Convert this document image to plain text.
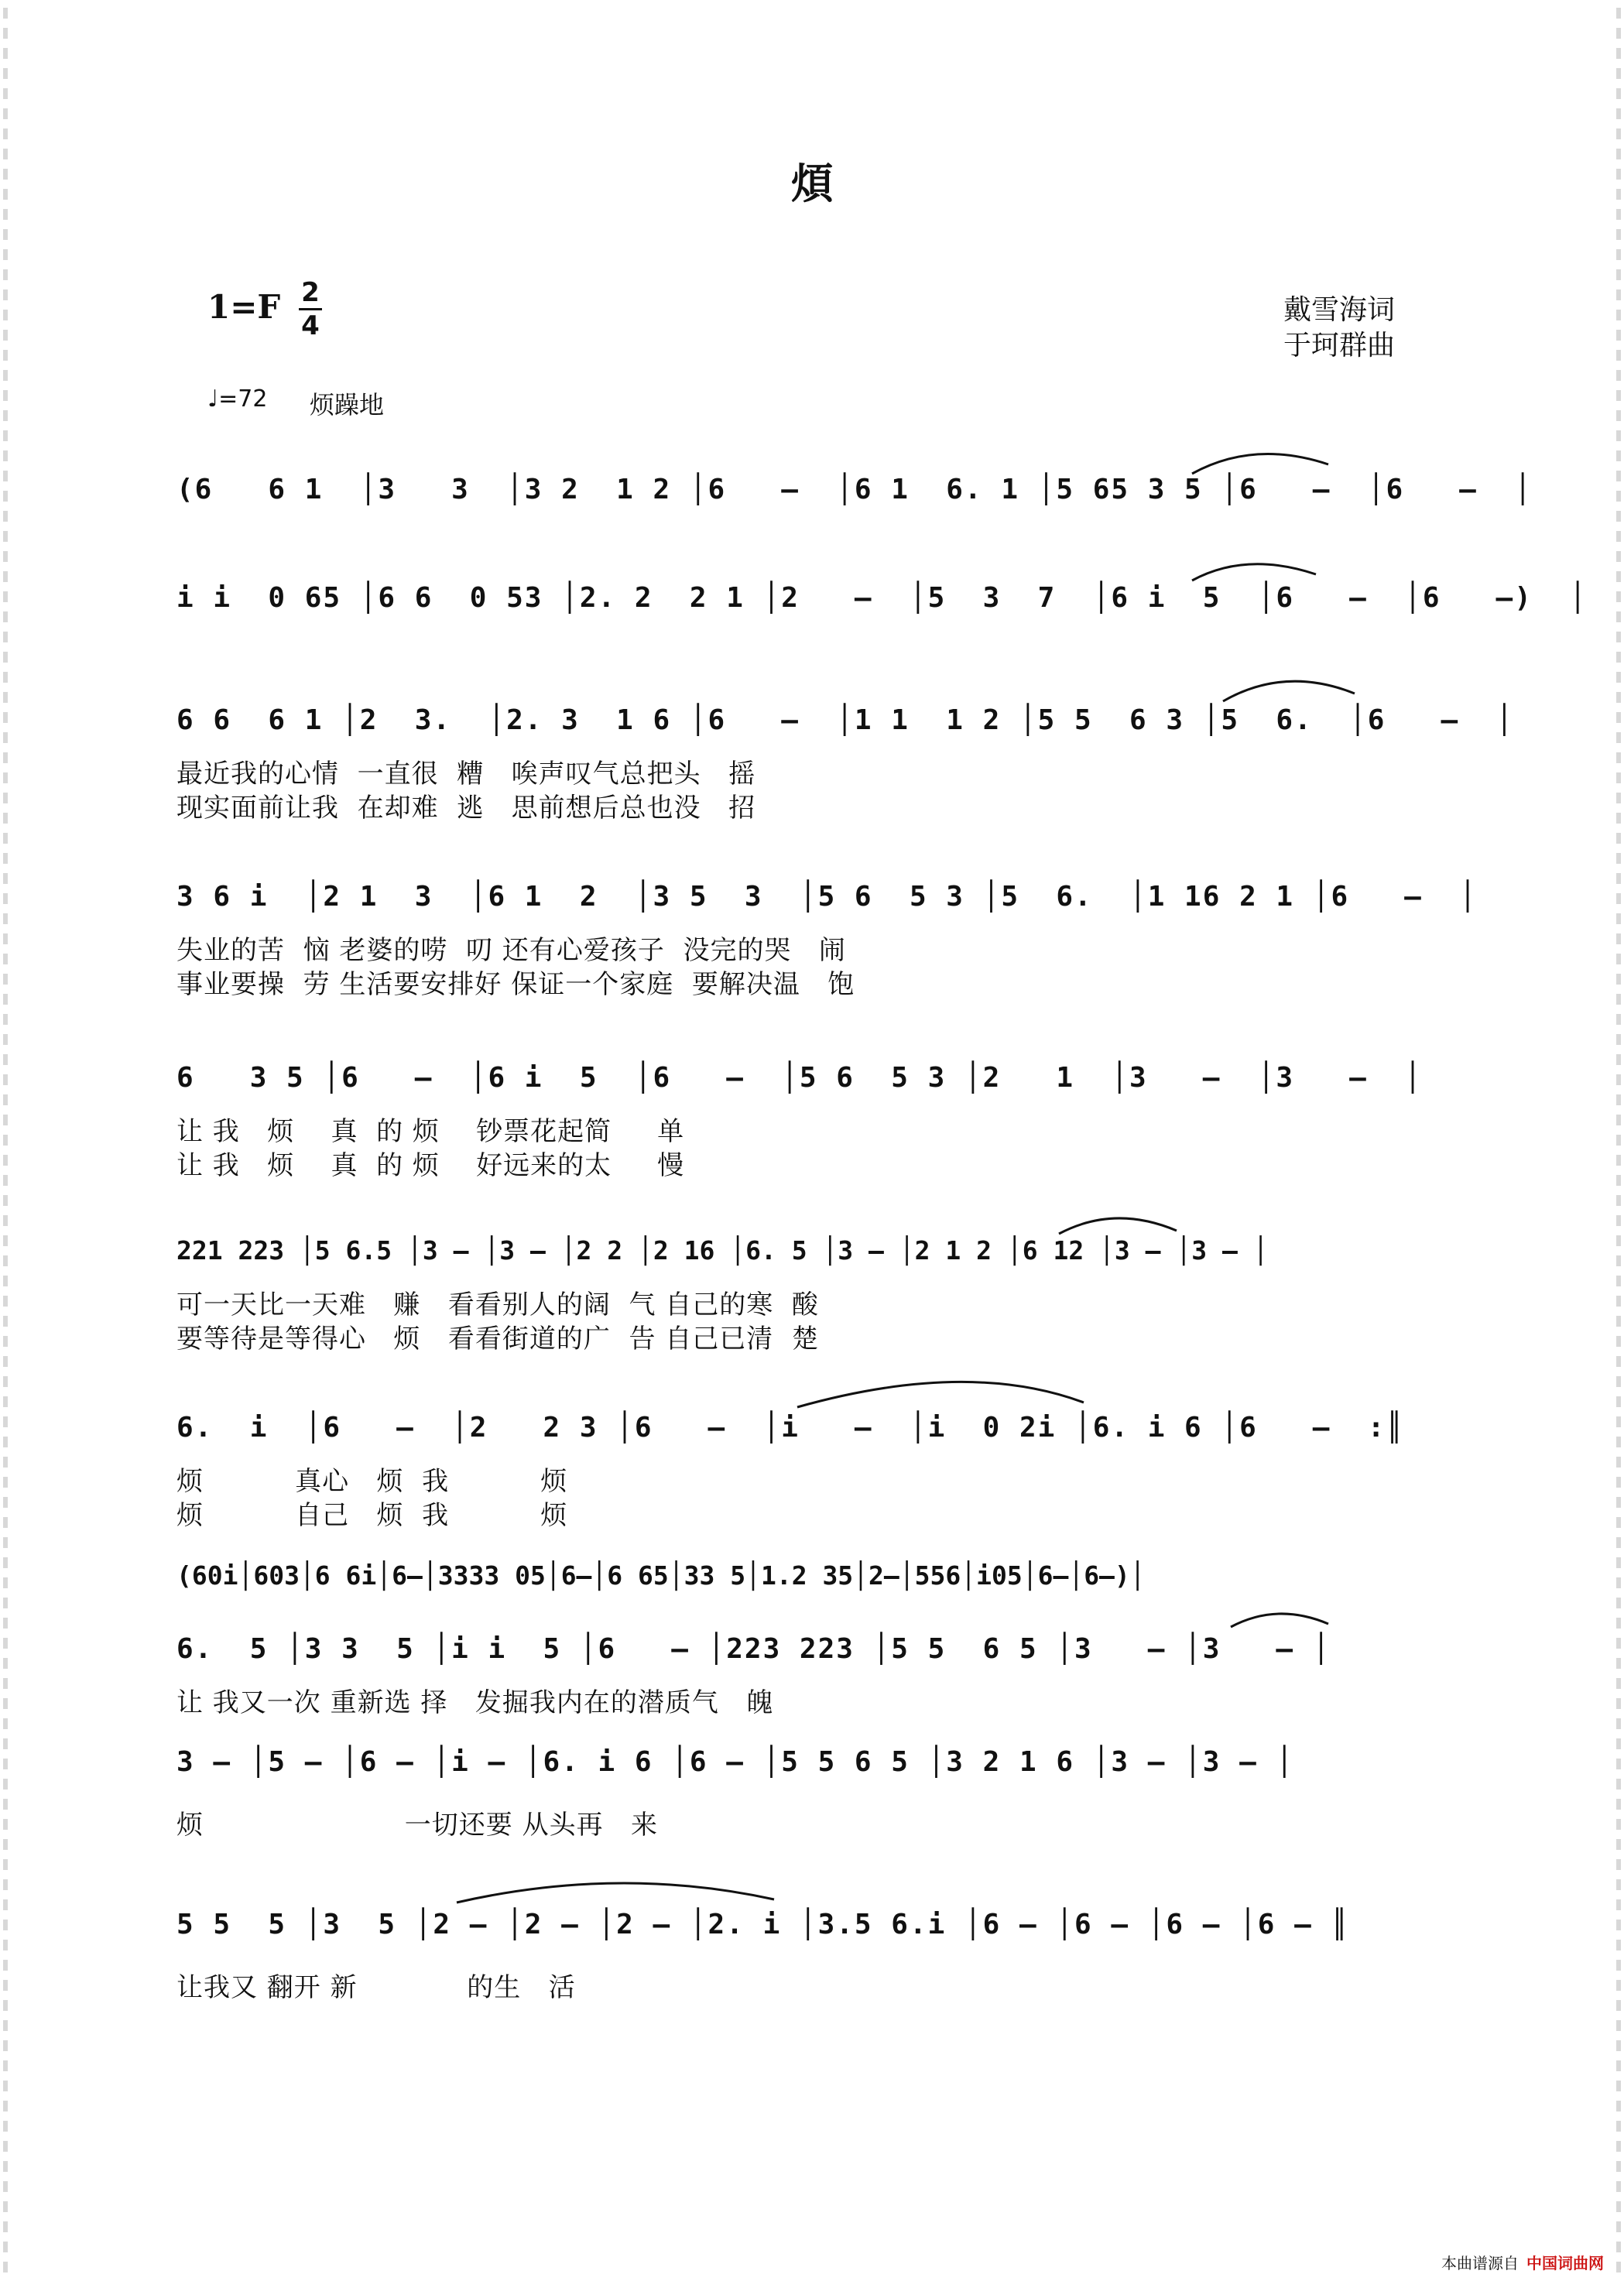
煩
1=F 2
4	戴雪海词
于珂群曲
♩=72 烦躁地
(6   6 1  │3   3  │3 2  1 2 │6   –  │6 1  6. 1 │5 65 3 5 │6   –  │6   –  │
i i  0 65 │6 6  0 53 │2. 2  2 1 │2   –  │5  3  7  │6 i  5  │6   –  │6   –)  │
6 6  6 1 │2  3.  │2. 3  1 6 │6   –  │1 1  1 2 │5 5  6 3 │5  6.  │6   –  │
最近我的心情  一直很  糟   唉声叹气总把头   摇
现实面前让我  在却难  逃   思前想后总也没   招
3 6 i  │2 1  3  │6 1  2  │3 5  3  │5 6  5 3 │5  6.  │1 16 2 1 │6   –  │
失业的苦  恼 老婆的唠  叨 还有心爱孩子  没完的哭   闹
事业要操  劳 生活要安排好 保证一个家庭  要解决温   饱
6   3 5 │6   –  │6 i  5  │6   –  │5 6  5 3 │2   1  │3   –  │3   –  │
让 我   烦    真  的 烦    钞票花起简     单
让 我   烦    真  的 烦    好远来的太     慢
221 223 │5 6.5 │3 – │3 – │2 2 │2 16 │6. 5 │3 – │2 1 2 │6 12 │3 – │3 – │
可一天比一天难   赚   看看别人的阔  气 自己的寒  酸
要等待是等得心   烦   看看街道的广  告 自己已清  楚
6.  i  │6   –  │2   2 3 │6   –  │i   –  │i  0 2i │6. i 6 │6   –  :║
烦          真心   烦  我          烦
烦          自己   烦  我          烦
(60i│603│6 6i│6–│3333 05│6–│6 65│33 5│1.2 35│2–│556│i05│6–│6–)│
6.  5 │3 3  5 │i i  5 │6   – │223 223 │5 5  6 5 │3   – │3   – │
让 我又一次 重新选 择   发掘我内在的潜质气   魄
3 – │5 – │6 – │i – │6. i 6 │6 – │5 5 6 5 │3 2 1 6 │3 – │3 – │
烦                      一切还要 从头再   来
5 5  5 │3  5 │2 – │2 – │2 – │2. i │3.5 6.i │6 – │6 – │6 – │6 – ║
让我又 翻开 新            的生   活
本曲谱源自 中国词曲网
